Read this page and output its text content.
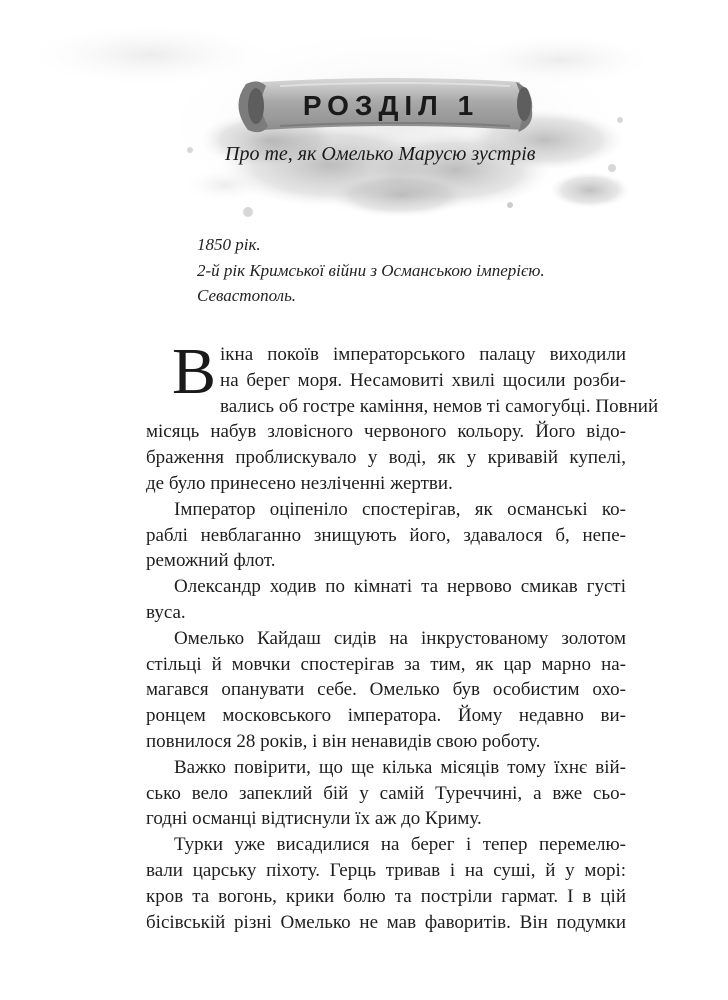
РОЗДІЛ 1
Про те, як Омелько Марусю зустрів
1850 рік.
2-й рік Кримської війни з Османською імперією.
Севастополь.
В ікна покоїв імператорського палацу виходили
на берег моря. Несамовиті хвилі щосили розби-
вались об гостре каміння, немов ті самогубці. Повний
місяць набув зловісного червоного кольору. Його відо-
браження проблискувало у воді, як у кривавій купелі,
де було принесено незліченні жертви.
Імператор оціпеніло спостерігав, як османські ко-
раблі невблаганно знищують його, здавалося б, непе-
реможний флот.
Олександр ходив по кімнаті та нервово смикав густі
вуса.
Омелько Кайдаш сидів на інкрустованому золотом
стільці й мовчки спостерігав за тим, як цар марно на-
магався опанувати себе. Омелько був особистим охо-
ронцем московського імператора. Йому недавно ви-
повнилося 28 років, і він ненавидів свою роботу.
Важко повірити, що ще кілька місяців тому їхнє вій-
сько вело запеклий бій у самій Туреччині, а вже сьо-
годні османці відтиснули їх аж до Криму.
Турки уже висадилися на берег і тепер перемелю-
вали царську піхоту. Герць тривав і на суші, й у морі:
кров та вогонь, крики болю та постріли гармат. І в цій
бісівській різні Омелько не мав фаворитів. Він подумки
